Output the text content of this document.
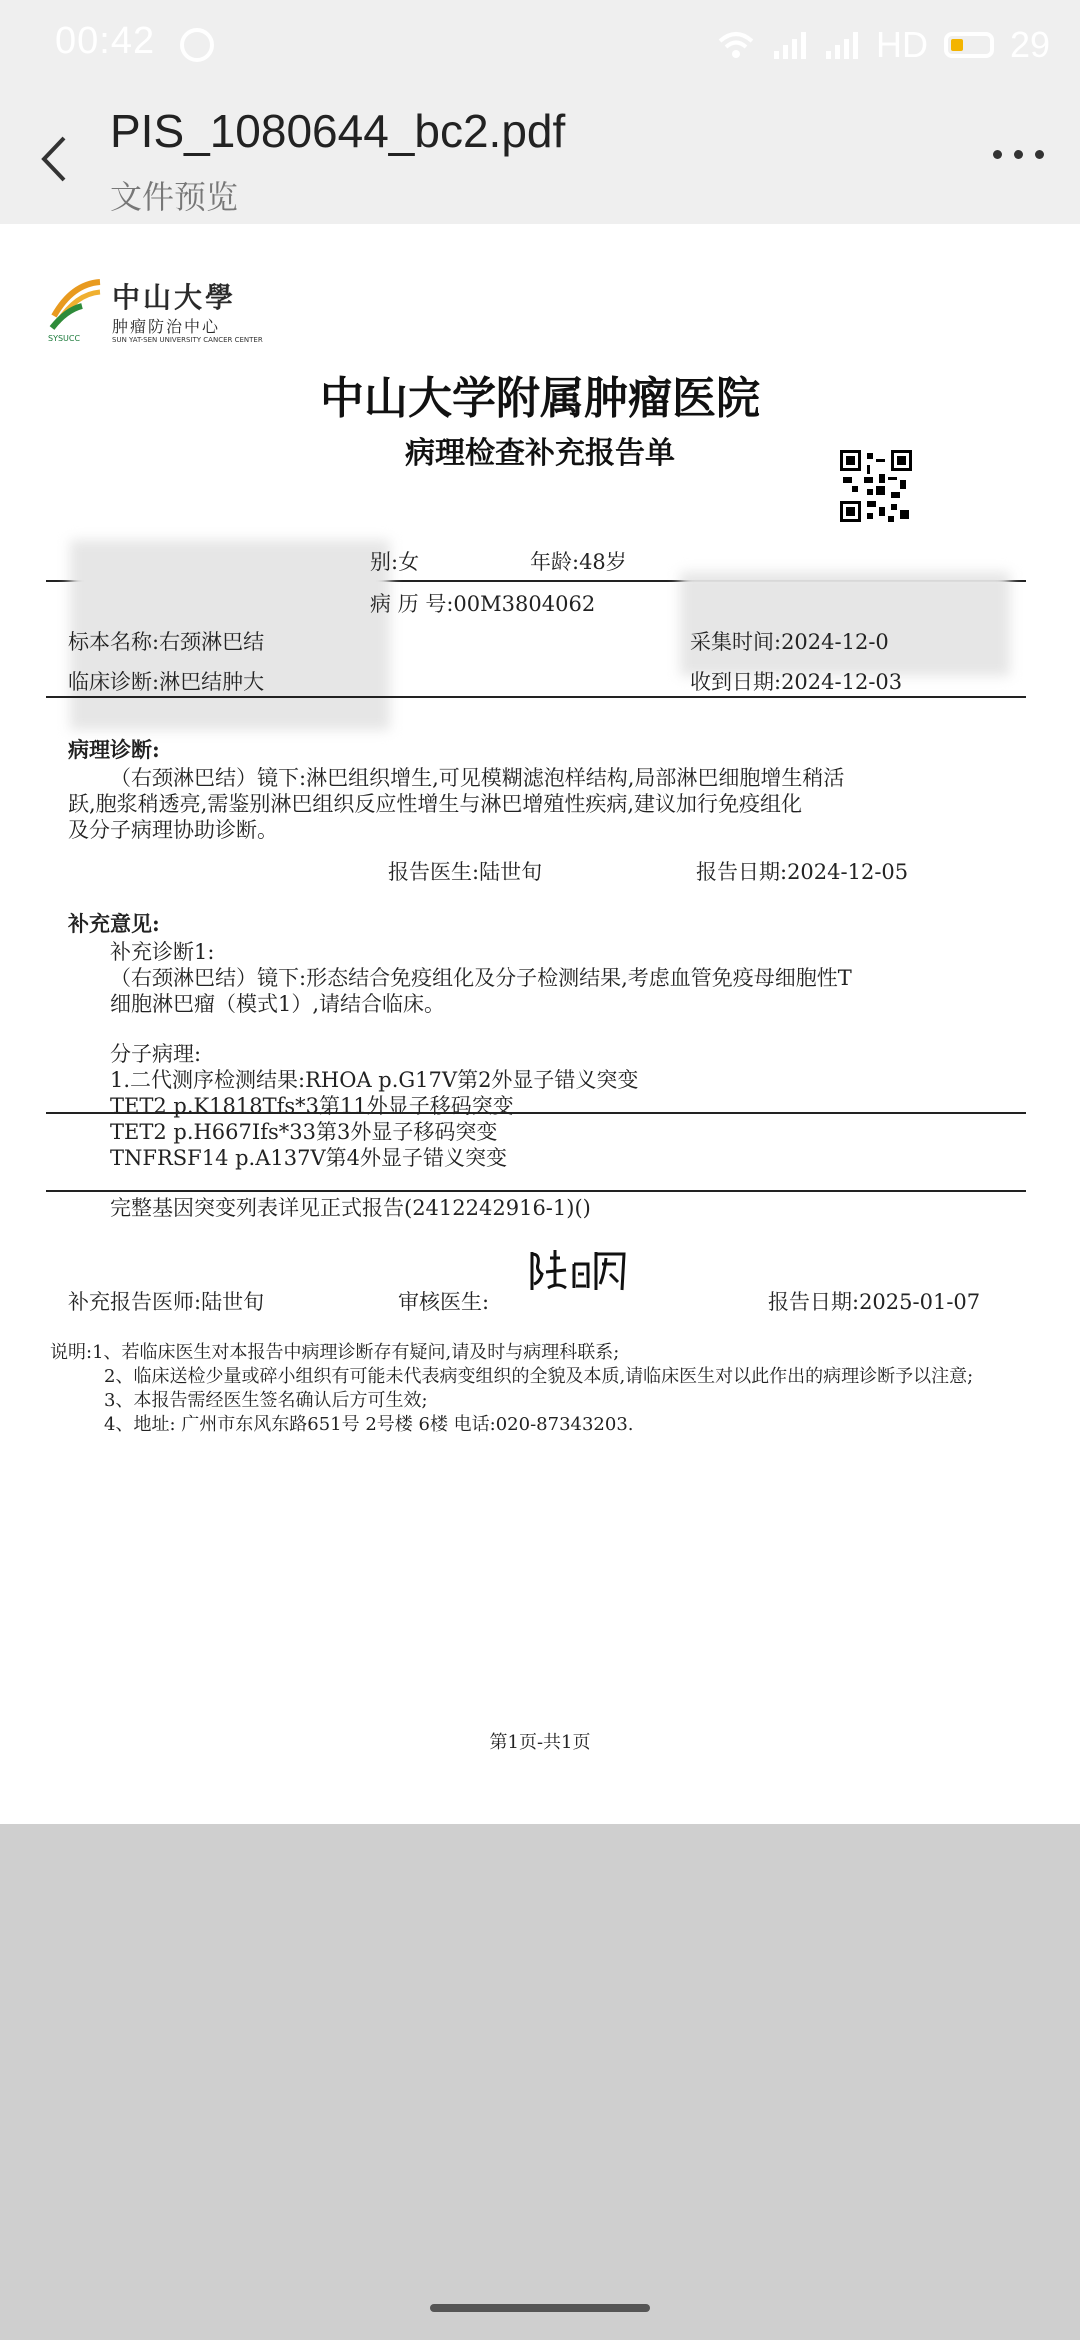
00:42	HD 29
PIS_1080644_bc2.pdf
文件预览
中山大學
肿瘤防治中心
SYSUCC	SUN YAT-SEN UNIVERSITY CANCER CENTER
中山大学附属肿瘤医院
病理检查补充报告单
别:女	年龄:48岁
病 历 号:00M3804062
标本名称:右颈淋巴结	采集时间:2024-12-0
临床诊断:淋巴结肿大	收到日期:2024-12-03
病理诊断:
（右颈淋巴结）镜下:淋巴组织增生,可见模糊滤泡样结构,局部淋巴细胞增生稍活
跃,胞浆稍透亮,需鉴别淋巴组织反应性增生与淋巴增殖性疾病,建议加行免疫组化
及分子病理协助诊断。
报告医生:陆世旬	报告日期:2024-12-05
补充意见:
补充诊断1:
（右颈淋巴结）镜下:形态结合免疫组化及分子检测结果,考虑血管免疫母细胞性T
细胞淋巴瘤（模式1）,请结合临床。
分子病理:
1.二代测序检测结果:RHOA p.G17V第2外显子错义突变
TET2 p.K1818Tfs*3第11外显子移码突变
TET2 p.H667Ifs*33第3外显子移码突变
TNFRSF14 p.A137V第4外显子错义突变
完整基因突变列表详见正式报告(2412242916-1)()
补充报告医师:陆世旬	审核医生:	报告日期:2025-01-07
说明:1、若临床医生对本报告中病理诊断存有疑问,请及时与病理科联系;
2、临床送检少量或碎小组织有可能未代表病变组织的全貌及本质,请临床医生对以此作出的病理诊断予以注意;
3、本报告需经医生签名确认后方可生效;
4、地址: 广州市东风东路651号 2号楼 6楼 电话:020-87343203.
第1页-共1页
